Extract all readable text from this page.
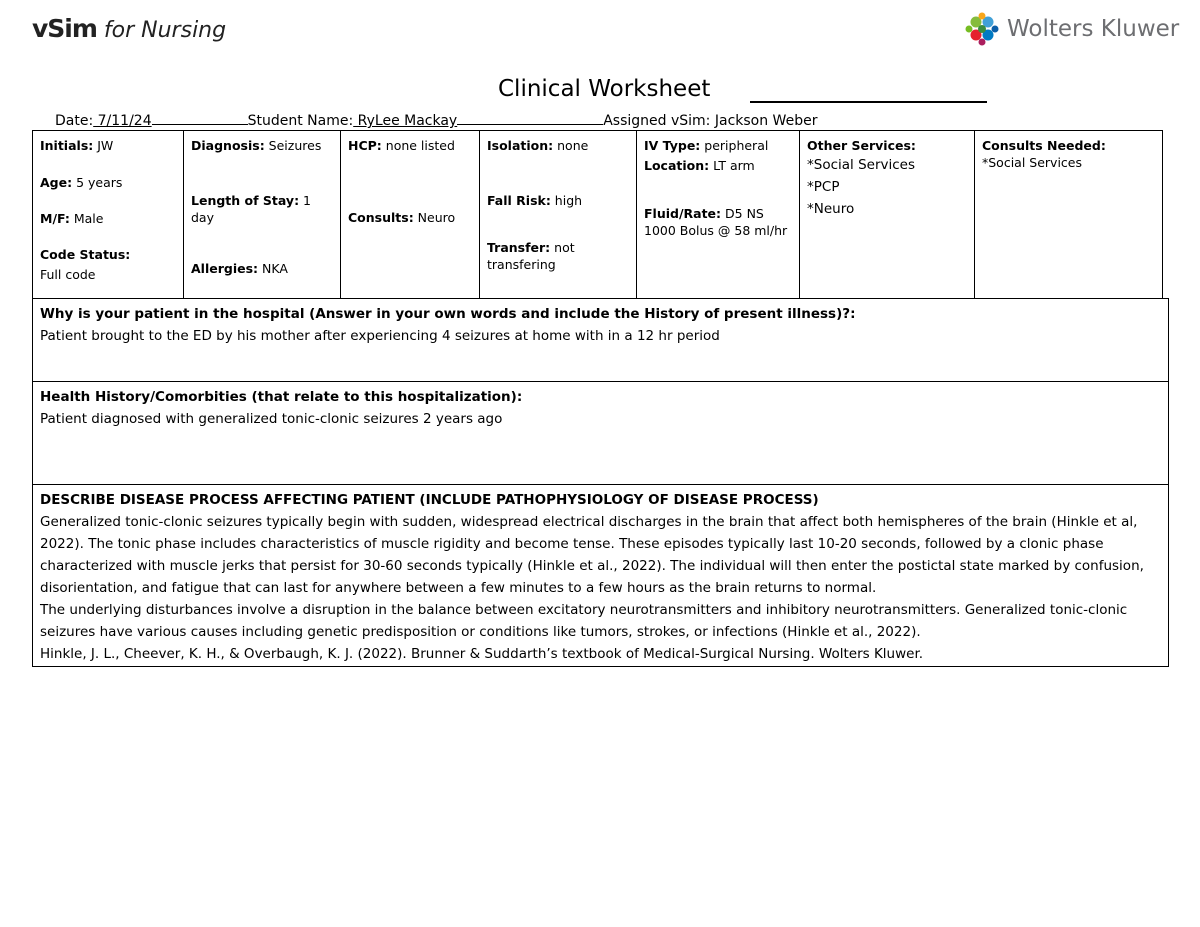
vSim for Nursing	Wolters Kluwer
Clinical Worksheet
Date: 7/11/24	Student Name: RyLee Mackay	Assigned vSim: Jackson Weber
Initials: JW
Age: 5 years
M/F: Male
Code Status:
Full code

Diagnosis: Seizures
Length of Stay: 1 day
Allergies: NKA

HCP: none listed
Consults: Neuro

Isolation: none
Fall Risk: high
Transfer: not transfering

IV Type: peripheral
Location: LT arm
Fluid/Rate: D5 NS 1000 Bolus @ 58 ml/hr

Other Services:
*Social Services
*PCP
*Neuro

Consults Needed:
*Social Services
Why is your patient in the hospital (Answer in your own words and include the History of present illness)?:
Patient brought to the ED by his mother after experiencing 4 seizures at home with in a 12 hr period
Health History/Comorbities (that relate to this hospitalization):
Patient diagnosed with generalized tonic-clonic seizures 2 years ago
DESCRIBE DISEASE PROCESS AFFECTING PATIENT (INCLUDE PATHOPHYSIOLOGY OF DISEASE PROCESS)
Generalized tonic-clonic seizures typically begin with sudden, widespread electrical discharges in the brain that affect both hemispheres of the brain (Hinkle et al, 2022). The tonic phase includes characteristics of muscle rigidity and become tense. These episodes typically last 10-20 seconds, followed by a clonic phase characterized with muscle jerks that persist for 30-60 seconds typically (Hinkle et al., 2022). The individual will then enter the postictal state marked by confusion, disorientation, and fatigue that can last for anywhere between a few minutes to a few hours as the brain returns to normal.
The underlying disturbances involve a disruption in the balance between excitatory neurotransmitters and inhibitory neurotransmitters. Generalized tonic-clonic seizures have various causes including genetic predisposition or conditions like tumors, strokes, or infections (Hinkle et al., 2022).
Hinkle, J. L., Cheever, K. H., & Overbaugh, K. J. (2022). Brunner & Suddarth’s textbook of Medical-Surgical Nursing. Wolters Kluwer.
